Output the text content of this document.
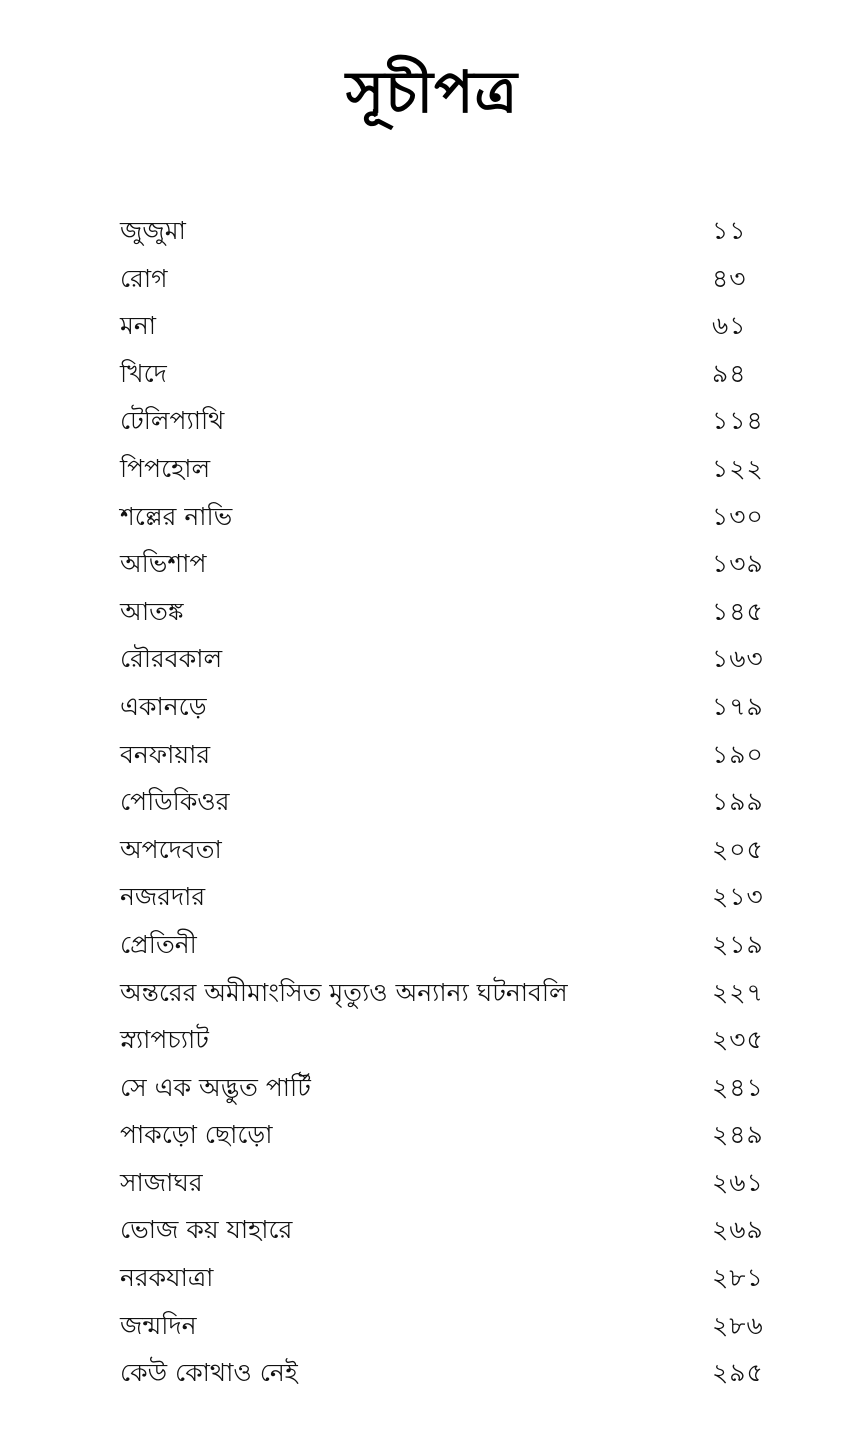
সূচীপত্র
জুজুমা	১১
রোগ	৪৩
মনা	৬১
খিদে	৯৪
টেলিপ্যাথি	১১৪
পিপহোল	১২২
শল্লের নাভি	১৩০
অভিশাপ	১৩৯
আতঙ্ক	১৪৫
রৌরবকাল	১৬৩
একানড়ে	১৭৯
বনফায়ার	১৯০
পেডিকিওর	১৯৯
অপদেবতা	২০৫
নজরদার	২১৩
প্রেতিনী	২১৯
অন্তরের অমীমাংসিত মৃত্যুও অন্যান্য ঘটনাবলি	২২৭
স্ন্যাপচ্যাট	২৩৫
সে এক অদ্ভুত পার্টি	২৪১
পাকড়ো ছোড়ো	২৪৯
সাজাঘর	২৬১
ভোজ কয় যাহারে	২৬৯
নরকযাত্রা	২৮১
জন্মদিন	২৮৬
কেউ কোথাও নেই	২৯৫
